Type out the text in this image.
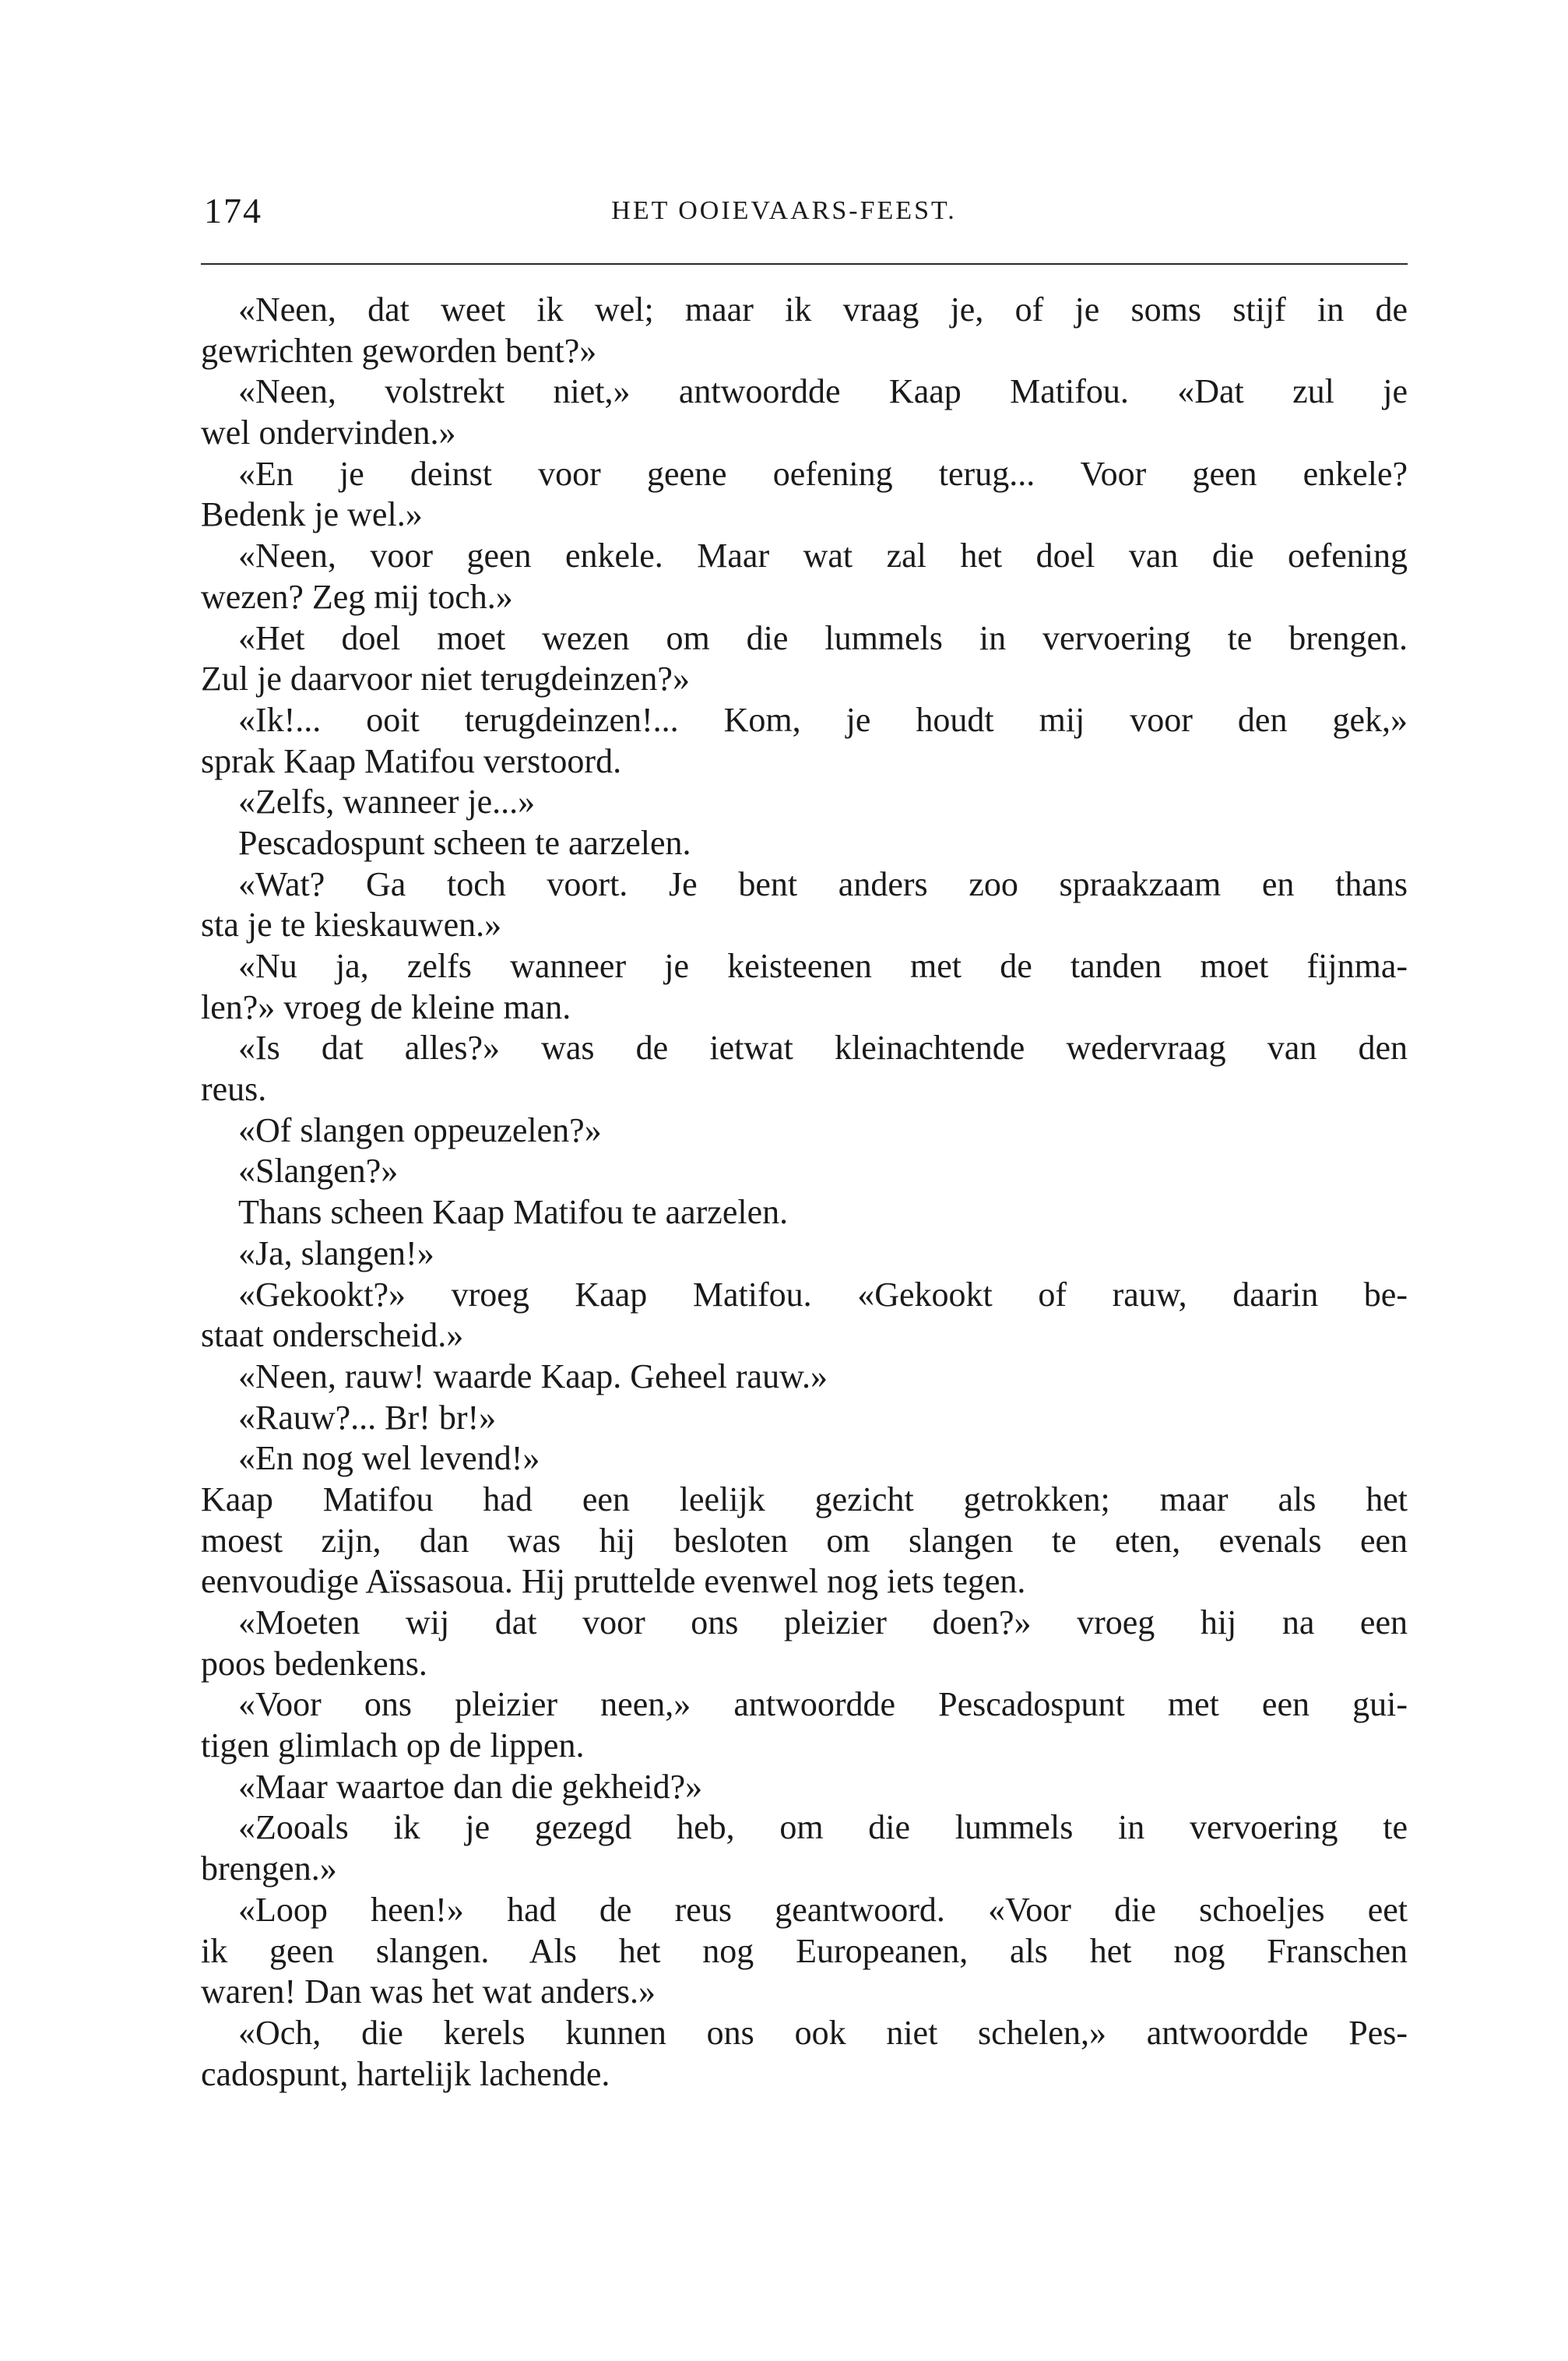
174	HET OOIEVAARS-FEEST.
«Neen, dat weet ik wel; maar ik vraag je, of je soms stijf in de
gewrichten geworden bent?»
«Neen, volstrekt niet,» antwoordde Kaap Matifou. «Dat zul je
wel ondervinden.»
«En je deinst voor geene oefening terug... Voor geen enkele?
Bedenk je wel.»
«Neen, voor geen enkele. Maar wat zal het doel van die oefening
wezen? Zeg mij toch.»
«Het doel moet wezen om die lummels in vervoering te brengen.
Zul je daarvoor niet terugdeinzen?»
«Ik!... ooit terugdeinzen!... Kom, je houdt mij voor den gek,»
sprak Kaap Matifou verstoord.
«Zelfs, wanneer je...»
Pescadospunt scheen te aarzelen.
«Wat? Ga toch voort. Je bent anders zoo spraakzaam en thans
sta je te kieskauwen.»
«Nu ja, zelfs wanneer je keisteenen met de tanden moet fijnma-
len?» vroeg de kleine man.
«Is dat alles?» was de ietwat kleinachtende wedervraag van den
reus.
«Of slangen oppeuzelen?»
«Slangen?»
Thans scheen Kaap Matifou te aarzelen.
«Ja, slangen!»
«Gekookt?» vroeg Kaap Matifou. «Gekookt of rauw, daarin be-
staat onderscheid.»
«Neen, rauw! waarde Kaap. Geheel rauw.»
«Rauw?... Br! br!»
«En nog wel levend!»
Kaap Matifou had een leelijk gezicht getrokken; maar als het
moest zijn, dan was hij besloten om slangen te eten, evenals een
eenvoudige Aïssasoua. Hij pruttelde evenwel nog iets tegen.
«Moeten wij dat voor ons pleizier doen?» vroeg hij na een
poos bedenkens.
«Voor ons pleizier neen,» antwoordde Pescadospunt met een gui-
tigen glimlach op de lippen.
«Maar waartoe dan die gekheid?»
«Zooals ik je gezegd heb, om die lummels in vervoering te
brengen.»
«Loop heen!» had de reus geantwoord. «Voor die schoeljes eet
ik geen slangen. Als het nog Europeanen, als het nog Franschen
waren! Dan was het wat anders.»
«Och, die kerels kunnen ons ook niet schelen,» antwoordde Pes-
cadospunt, hartelijk lachende.
